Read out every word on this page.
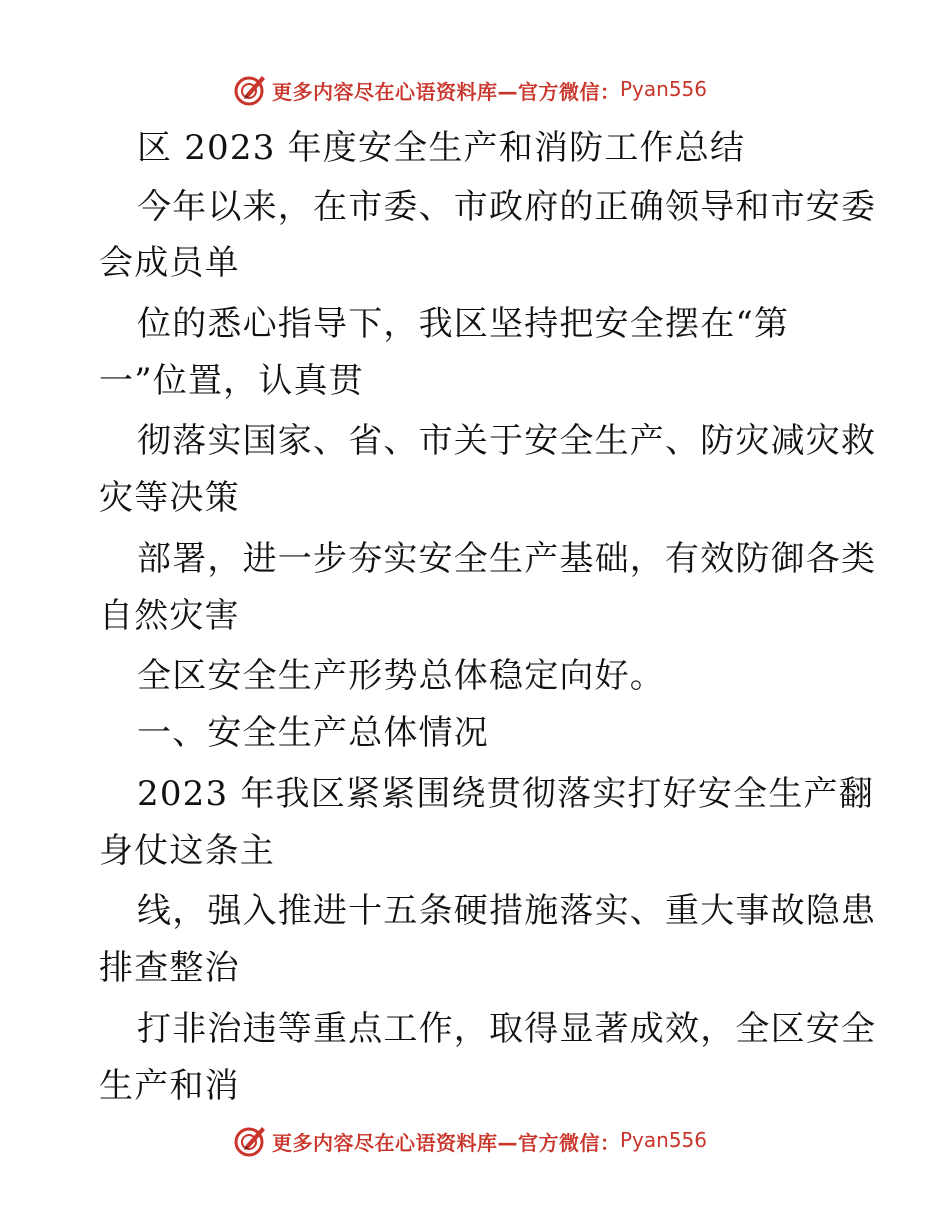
更多内容尽在心语资料库—官方微信： Pyan556
区 2023 年度安全生产和消防工作总结
今年以来，在市委、市政府的正确领导和市安委
会成员单
位的悉心指导下，我区坚持把安全摆在“第
一”位置，认真贯
彻落实国家、省、市关于安全生产、防灾减灾救
灾等决策
部署，进一步夯实安全生产基础，有效防御各类
自然灾害
全区安全生产形势总体稳定向好。
一、安全生产总体情况
2023 年我区紧紧围绕贯彻落实打好安全生产翻
身仗这条主
线，强入推进十五条硬措施落实、重大事故隐患
排查整治
打非治违等重点工作，取得显著成效，全区安全
生产和消
更多内容尽在心语资料库—官方微信： Pyan556
